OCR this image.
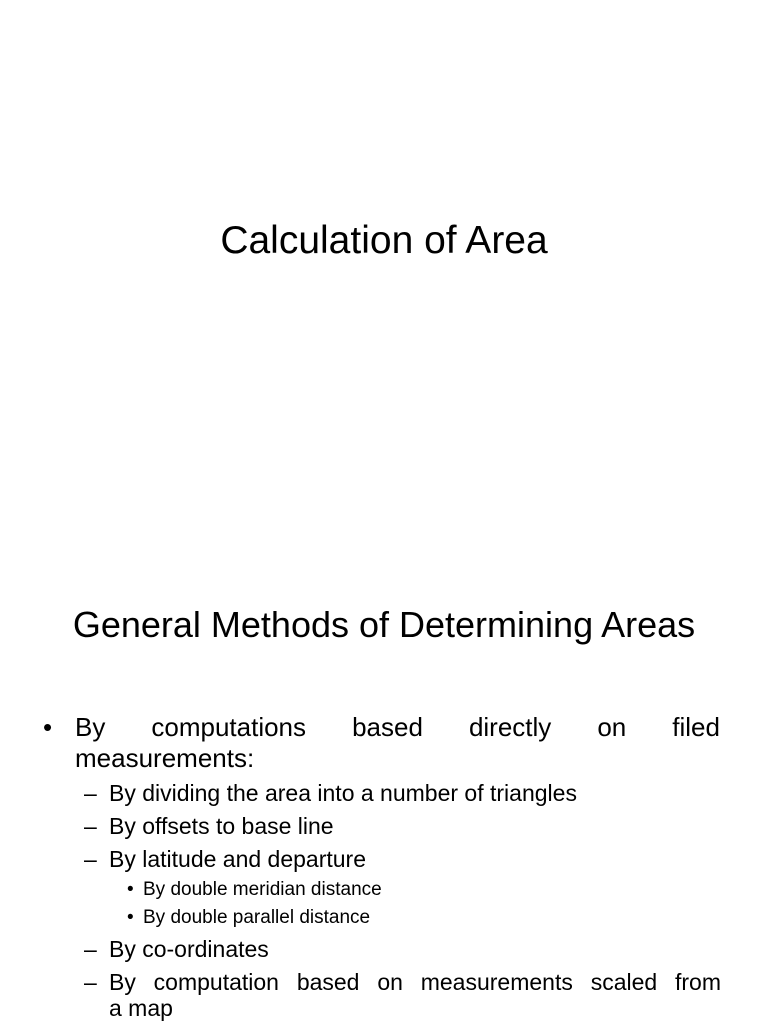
Calculation of Area
General Methods of Determining Areas
• By computations based directly on filed
measurements:
– By dividing the area into a number of triangles
– By offsets to base line
– By latitude and departure
• By double meridian distance
• By double parallel distance
– By co-ordinates
– By computation based on measurements scaled from
a map
